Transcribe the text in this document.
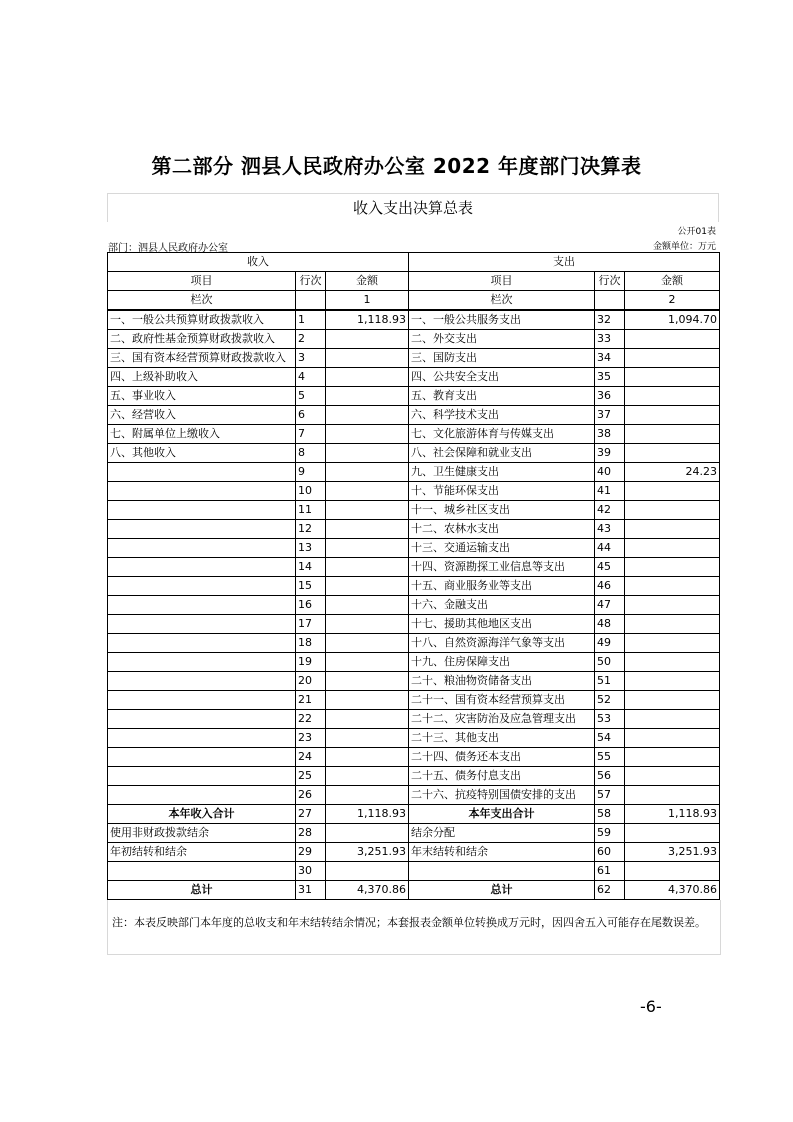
第二部分 泗县人民政府办公室 2022 年度部门决算表
收入支出决算总表
公开01表
部门：泗县人民政府办公室	金额单位：万元
收入			支出		
项目	行次	金额	项目	行次	金额
栏次		1	栏次		2
一、一般公共预算财政拨款收入	1	1,118.93	一、一般公共服务支出	32	1,094.70
二、政府性基金预算财政拨款收入	2		二、外交支出	33	
三、国有资本经营预算财政拨款收入	3		三、国防支出	34	
四、上级补助收入	4		四、公共安全支出	35	
五、事业收入	5		五、教育支出	36	
六、经营收入	6		六、科学技术支出	37	
七、附属单位上缴收入	7		七、文化旅游体育与传媒支出	38	
八、其他收入	8		八、社会保障和就业支出	39	
	9		九、卫生健康支出	40	24.23
	10		十、节能环保支出	41	
	11		十一、城乡社区支出	42	
	12		十二、农林水支出	43	
	13		十三、交通运输支出	44	
	14		十四、资源勘探工业信息等支出	45	
	15		十五、商业服务业等支出	46	
	16		十六、金融支出	47	
	17		十七、援助其他地区支出	48	
	18		十八、自然资源海洋气象等支出	49	
	19		十九、住房保障支出	50	
	20		二十、粮油物资储备支出	51	
	21		二十一、国有资本经营预算支出	52	
	22		二十二、灾害防治及应急管理支出	53	
	23		二十三、其他支出	54	
	24		二十四、债务还本支出	55	
	25		二十五、债务付息支出	56	
	26		二十六、抗疫特别国债安排的支出	57	
本年收入合计	27	1,118.93	本年支出合计	58	1,118.93
使用非财政拨款结余	28		结余分配	59	
年初结转和结余	29	3,251.93	年末结转和结余	60	3,251.93
	30			61	
总计	31	4,370.86	总计	62	4,370.86
注：本表反映部门本年度的总收支和年末结转结余情况；本套报表金额单位转换成万元时，因四舍五入可能存在尾数误差。
-6-
